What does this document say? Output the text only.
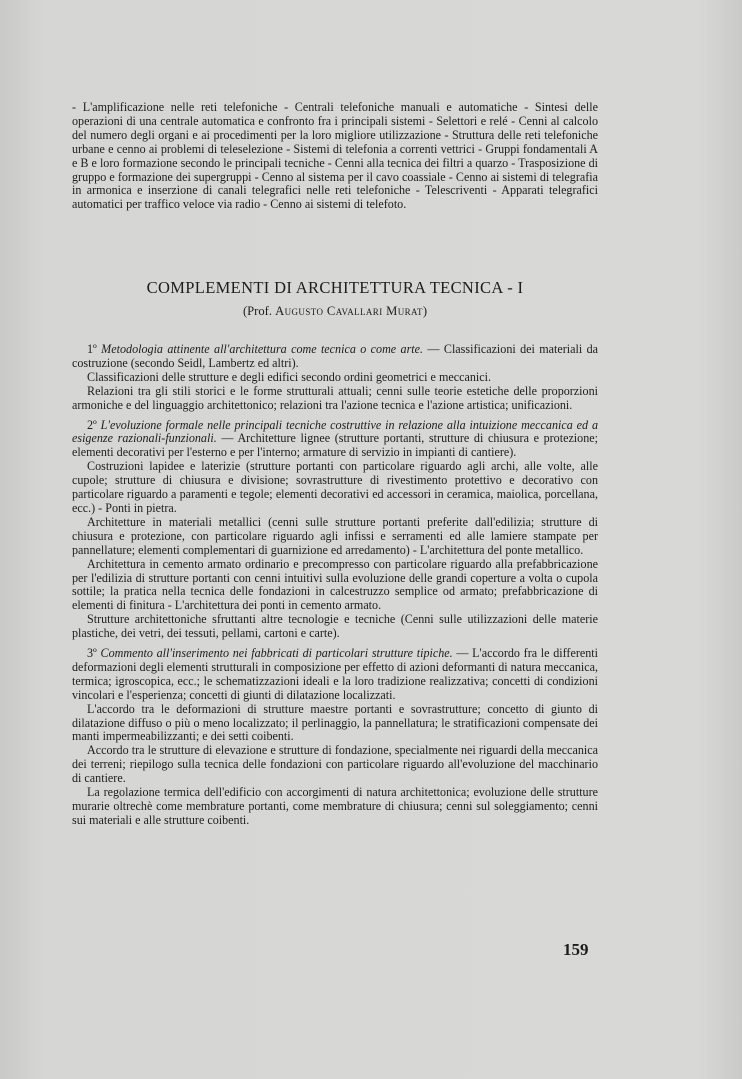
- L'amplificazione nelle reti telefoniche - Centrali telefoniche manuali e automatiche - Sintesi delle operazioni di una centrale automatica e confronto fra i principali sistemi - Selettori e relé - Cenni al calcolo del numero degli organi e ai procedimenti per la loro migliore utilizzazione - Struttura delle reti telefoniche urbane e cenno ai problemi di teleselezione - Sistemi di telefonia a correnti vettrici - Gruppi fondamentali A e B e loro formazione secondo le principali tecniche - Cenni alla tecnica dei filtri a quarzo - Trasposizione di gruppo e formazione dei supergruppi - Cenno al sistema per il cavo coassiale - Cenno ai sistemi di telegrafia in armonica e inserzione di canali telegrafici nelle reti telefoniche - Telescriventi - Apparati telegrafici automatici per traffico veloce via radio - Cenno ai sistemi di telefoto.

COMPLEMENTI DI ARCHITETTURA TECNICA - I

(Prof. Augusto Cavallari Murat)

1º Metodologia attinente all'architettura come tecnica o come arte. — Classificazioni dei materiali da costruzione (secondo Seidl, Lambertz ed altri).

Classificazioni delle strutture e degli edifici secondo ordini geometrici e meccanici.

Relazioni tra gli stili storici e le forme strutturali attuali; cenni sulle teorie estetiche delle proporzioni armoniche e del linguaggio architettonico; relazioni tra l'azione tecnica e l'azione artistica; unificazioni.

2º L'evoluzione formale nelle principali tecniche costruttive in relazione alla intuizione meccanica ed a esigenze razionali-funzionali. — Architetture lignee (strutture portanti, strutture di chiusura e protezione; elementi decorativi per l'esterno e per l'interno; armature di servizio in impianti di cantiere).

Costruzioni lapidee e laterizie (strutture portanti con particolare riguardo agli archi, alle volte, alle cupole; strutture di chiusura e divisione; sovrastrutture di rivestimento protettivo e decorativo con particolare riguardo a paramenti e tegole; elementi decorativi ed accessori in ceramica, maiolica, porcellana, ecc.) - Ponti in pietra.

Architetture in materiali metallici (cenni sulle strutture portanti preferite dall'edilizia; strutture di chiusura e protezione, con particolare riguardo agli infissi e serramenti ed alle lamiere stampate per pannellature; elementi complementari di guarnizione ed arredamento) - L'architettura del ponte metallico.

Architettura in cemento armato ordinario e precompresso con particolare riguardo alla prefabbricazione per l'edilizia di strutture portanti con cenni intuitivi sulla evoluzione delle grandi coperture a volta o cupola sottile; la pratica nella tecnica delle fondazioni in calcestruzzo semplice od armato; prefabbricazione di elementi di finitura - L'architettura dei ponti in cemento armato.

Strutture architettoniche sfruttanti altre tecnologie e tecniche (Cenni sulle utilizzazioni delle materie plastiche, dei vetri, dei tessuti, pellami, cartoni e carte).

3º Commento all'inserimento nei fabbricati di particolari strutture tipiche. — L'accordo fra le differenti deformazioni degli elementi strutturali in composizione per effetto di azioni deformanti di natura meccanica, termica; igroscopica, ecc.; le schematizzazioni ideali e la loro tradizione realizzativa; concetti di condizioni vincolari e l'esperienza; concetti di giunti di dilatazione localizzati.

L'accordo tra le deformazioni di strutture maestre portanti e sovrastrutture; concetto di giunto di dilatazione diffuso o più o meno localizzato; il perlinaggio, la pannellatura; le stratificazioni compensate dei manti impermeabilizzanti; e dei setti coibenti.

Accordo tra le strutture di elevazione e strutture di fondazione, specialmente nei riguardi della meccanica dei terreni; riepilogo sulla tecnica delle fondazioni con particolare riguardo all'evoluzione del macchinario di cantiere.

La regolazione termica dell'edificio con accorgimenti di natura architettonica; evoluzione delle strutture murarie oltrechè come membrature portanti, come membrature di chiusura; cenni sul soleggiamento; cenni sui materiali e alle strutture coibenti.

159
